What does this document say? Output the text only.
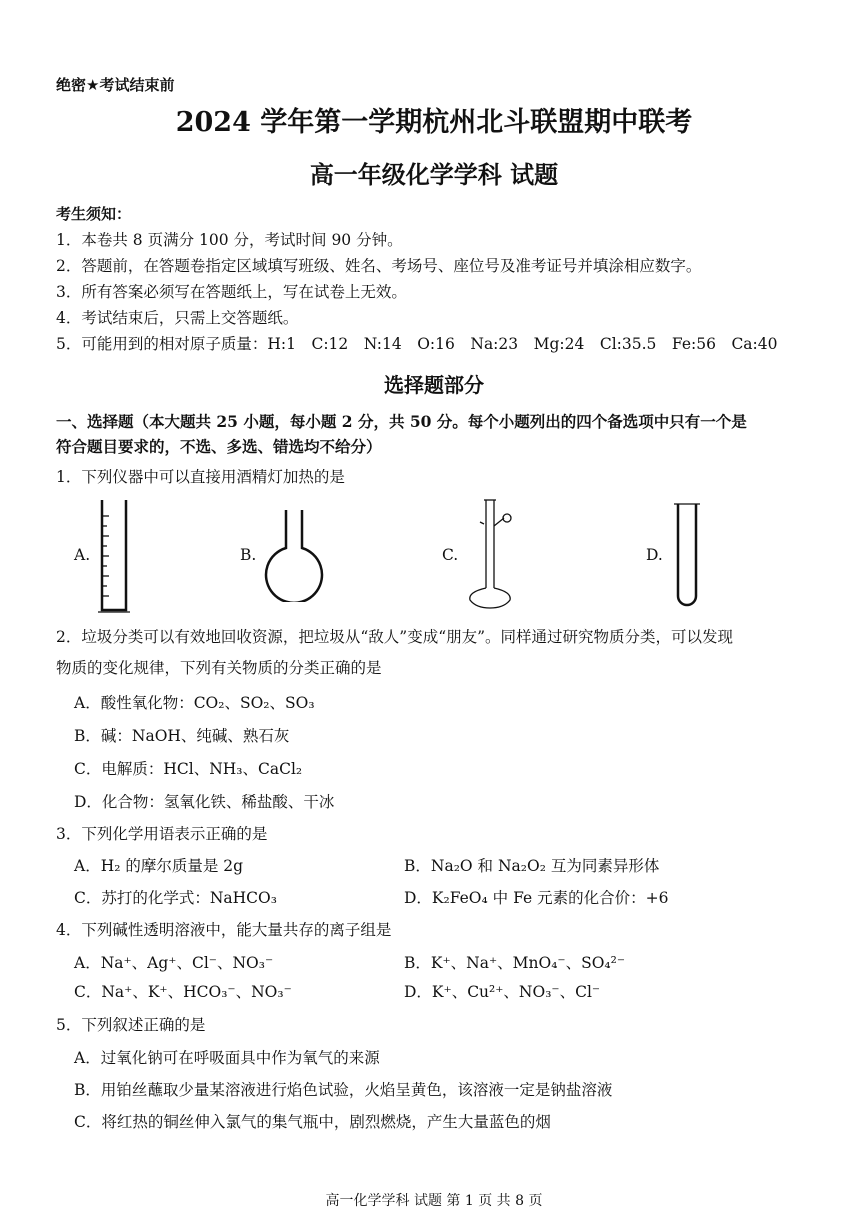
绝密★考试结束前
2024 学年第一学期杭州北斗联盟期中联考
高一年级化学学科 试题
考生须知：
1．本卷共 8 页满分 100 分，考试时间 90 分钟。
2．答题前，在答题卷指定区域填写班级、姓名、考场号、座位号及准考证号并填涂相应数字。
3．所有答案必须写在答题纸上，写在试卷上无效。
4．考试结束后，只需上交答题纸。
5．可能用到的相对原子质量：H:1　C:12　N:14　O:16　Na:23　Mg:24　Cl:35.5　Fe:56　Ca:40
选择题部分
一、选择题（本大题共 25 小题，每小题 2 分，共 50 分。每个小题列出的四个备选项中只有一个是
符合题目要求的，不选、多选、错选均不给分）
1．下列仪器中可以直接用酒精灯加热的是
A.	B.	C.	D.
2．垃圾分类可以有效地回收资源，把垃圾从“敌人”变成“朋友”。同样通过研究物质分类，可以发现
物质的变化规律，下列有关物质的分类正确的是
A．酸性氧化物：CO₂、SO₂、SO₃
B．碱：NaOH、纯碱、熟石灰
C．电解质：HCl、NH₃、CaCl₂
D．化合物：氢氧化铁、稀盐酸、干冰
3．下列化学用语表示正确的是
A．H₂ 的摩尔质量是 2g	B．Na₂O 和 Na₂O₂ 互为同素异形体
C．苏打的化学式：NaHCO₃	D．K₂FeO₄ 中 Fe 元素的化合价：+6
4．下列碱性透明溶液中，能大量共存的离子组是
A．Na⁺、Ag⁺、Cl⁻、NO₃⁻	B．K⁺、Na⁺、MnO₄⁻、SO₄²⁻
C．Na⁺、K⁺、HCO₃⁻、NO₃⁻	D．K⁺、Cu²⁺、NO₃⁻、Cl⁻
5．下列叙述正确的是
A．过氧化钠可在呼吸面具中作为氧气的来源
B．用铂丝蘸取少量某溶液进行焰色试验，火焰呈黄色，该溶液一定是钠盐溶液
C．将红热的铜丝伸入氯气的集气瓶中，剧烈燃烧，产生大量蓝色的烟
高一化学学科 试题 第 1 页 共 8 页
